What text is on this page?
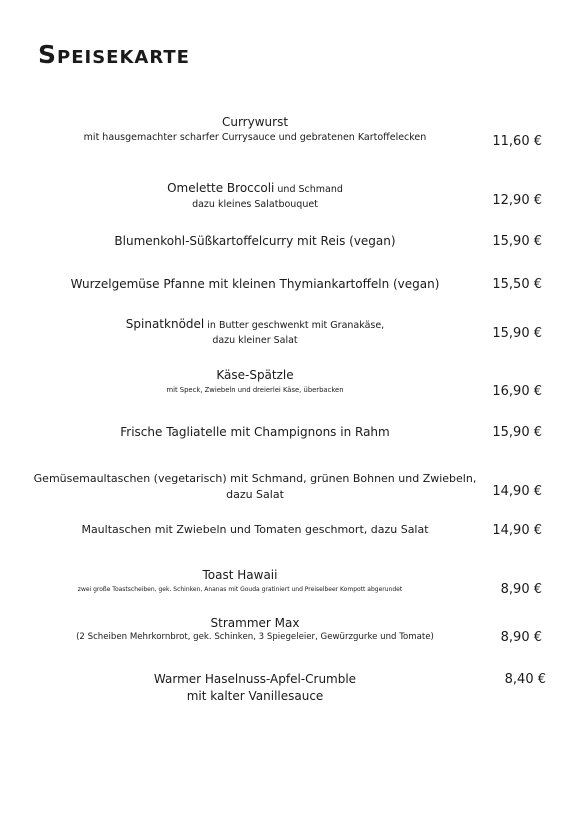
Speisekarte
Currywurst
mit hausgemachter scharfer Currysauce und gebratenen Kartoffelecken	11,60 €
Omelette Broccoli und Schmand
dazu kleines Salatbouquet	12,90 €
Blumenkohl-Süßkartoffelcurry mit Reis (vegan)	15,90 €
Wurzelgemüse Pfanne mit kleinen Thymiankartoffeln (vegan)	15,50 €
Spinatknödel in Butter geschwenkt mit Granakäse,
dazu kleiner Salat	15,90 €
Käse-Spätzle
mit Speck, Zwiebeln und dreierlei Käse, überbacken	16,90 €
Frische Tagliatelle mit Champignons in Rahm	15,90 €
Gemüsemaultaschen (vegetarisch) mit Schmand, grünen Bohnen und Zwiebeln,
dazu Salat	14,90 €
Maultaschen mit Zwiebeln und Tomaten geschmort, dazu Salat	14,90 €
Toast Hawaii
zwei große Toastscheiben, gek. Schinken, Ananas mit Gouda gratiniert und Preiselbeer Kompott abgerundet	8,90 €
Strammer Max
(2 Scheiben Mehrkornbrot, gek. Schinken, 3 Spiegeleier, Gewürzgurke und Tomate)	8,90 €
Warmer Haselnuss-Apfel-Crumble
mit kalter Vanillesauce
8,40 €
